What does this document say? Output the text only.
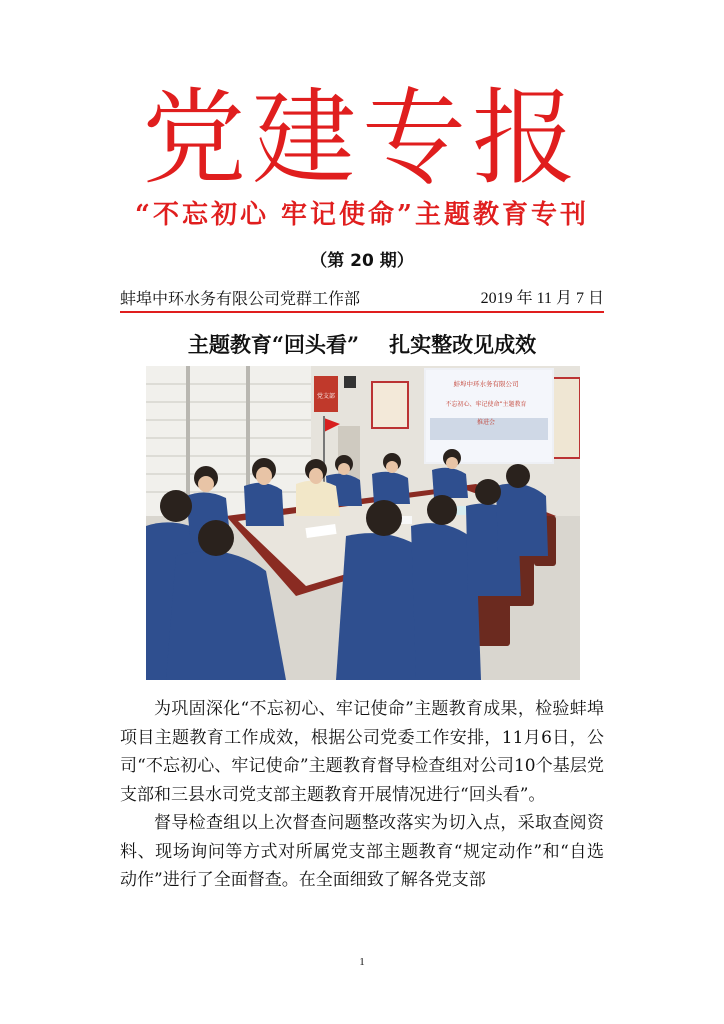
党建专报
“不忘初心 牢记使命”主题教育专刊
（第 20 期）
蚌埠中环水务有限公司党群工作部	2019 年 11 月 7 日
主题教育“回头看” 扎实整改见成效
党支部
蚌埠中环水务有限公司
不忘初心、牢记使命”主题教育
推进会

为巩固深化“不忘初心、牢记使命”主题教育成果，检验蚌埠项目主题教育工作成效，根据公司党委工作安排，11月6日，公司“不忘初心、牢记使命”主题教育督导检查组对公司10个基层党支部和三县水司党支部主题教育开展情况进行“回头看”。

督导检查组以上次督查问题整改落实为切入点，采取查阅资料、现场询问等方式对所属党支部主题教育“规定动作”和“自选动作”进行了全面督查。在全面细致了解各党支部

1
